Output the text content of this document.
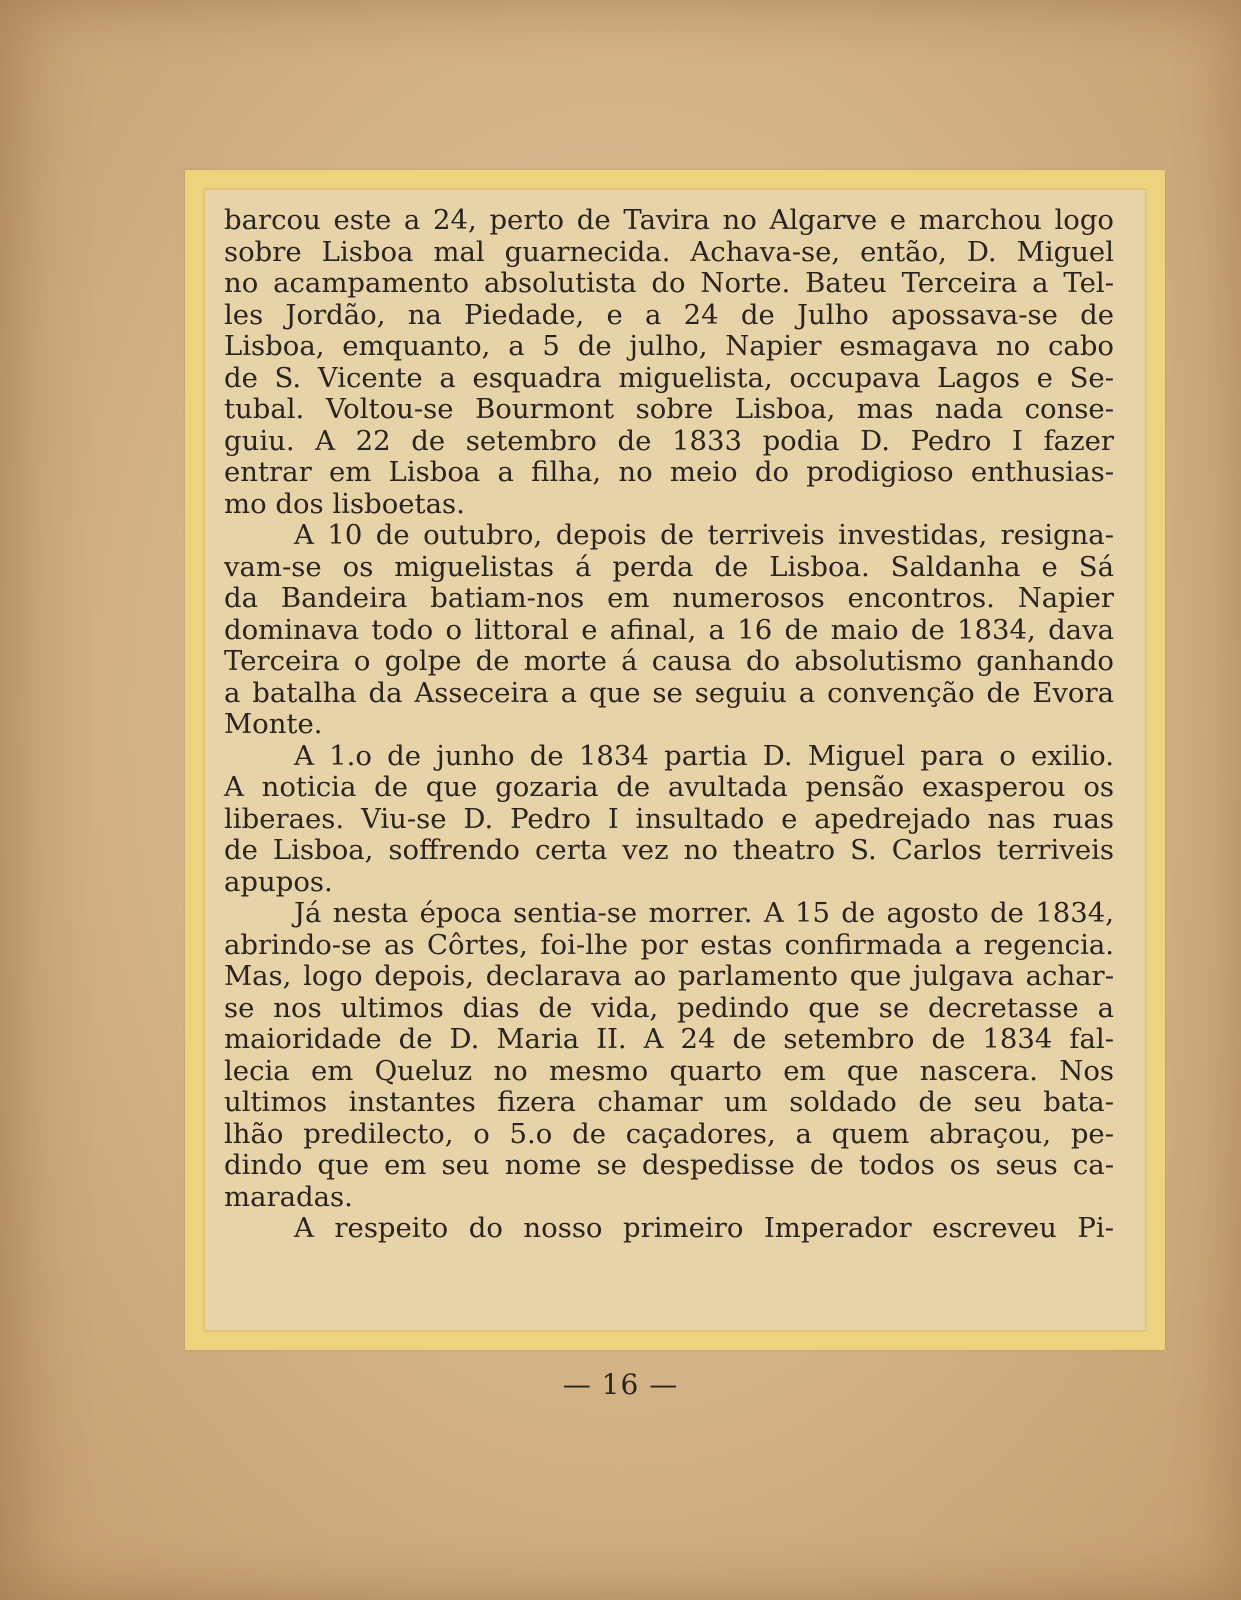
barcou este a 24, perto de Tavira no Algarve e marchou logo
sobre Lisboa mal guarnecida. Achava-se, então, D. Miguel
no acampamento absolutista do Norte. Bateu Terceira a Tel-
les Jordão, na Piedade, e a 24 de Julho apossava-se de
Lisboa, emquanto, a 5 de julho, Napier esmagava no cabo
de S. Vicente a esquadra miguelista, occupava Lagos e Se-
tubal. Voltou-se Bourmont sobre Lisboa, mas nada conse-
guiu. A 22 de setembro de 1833 podia D. Pedro I fazer
entrar em Lisboa a filha, no meio do prodigioso enthusias-
mo dos lisboetas.
A 10 de outubro, depois de terriveis investidas, resigna-
vam-se os miguelistas á perda de Lisboa. Saldanha e Sá
da Bandeira batiam-nos em numerosos encontros. Napier
dominava todo o littoral e afinal, a 16 de maio de 1834, dava
Terceira o golpe de morte á causa do absolutismo ganhando
a batalha da Asseceira a que se seguiu a convenção de Evora
Monte.
A 1.o de junho de 1834 partia D. Miguel para o exilio.
A noticia de que gozaria de avultada pensão exasperou os
liberaes. Viu-se D. Pedro I insultado e apedrejado nas ruas
de Lisboa, soffrendo certa vez no theatro S. Carlos terriveis
apupos.
Já nesta época sentia-se morrer. A 15 de agosto de 1834,
abrindo-se as Côrtes, foi-lhe por estas confirmada a regencia.
Mas, logo depois, declarava ao parlamento que julgava achar-
se nos ultimos dias de vida, pedindo que se decretasse a
maioridade de D. Maria II. A 24 de setembro de 1834 fal-
lecia em Queluz no mesmo quarto em que nascera. Nos
ultimos instantes fizera chamar um soldado de seu bata-
lhão predilecto, o 5.o de caçadores, a quem abraçou, pe-
dindo que em seu nome se despedisse de todos os seus ca-
maradas.
A respeito do nosso primeiro Imperador escreveu Pi-
— 16 —
